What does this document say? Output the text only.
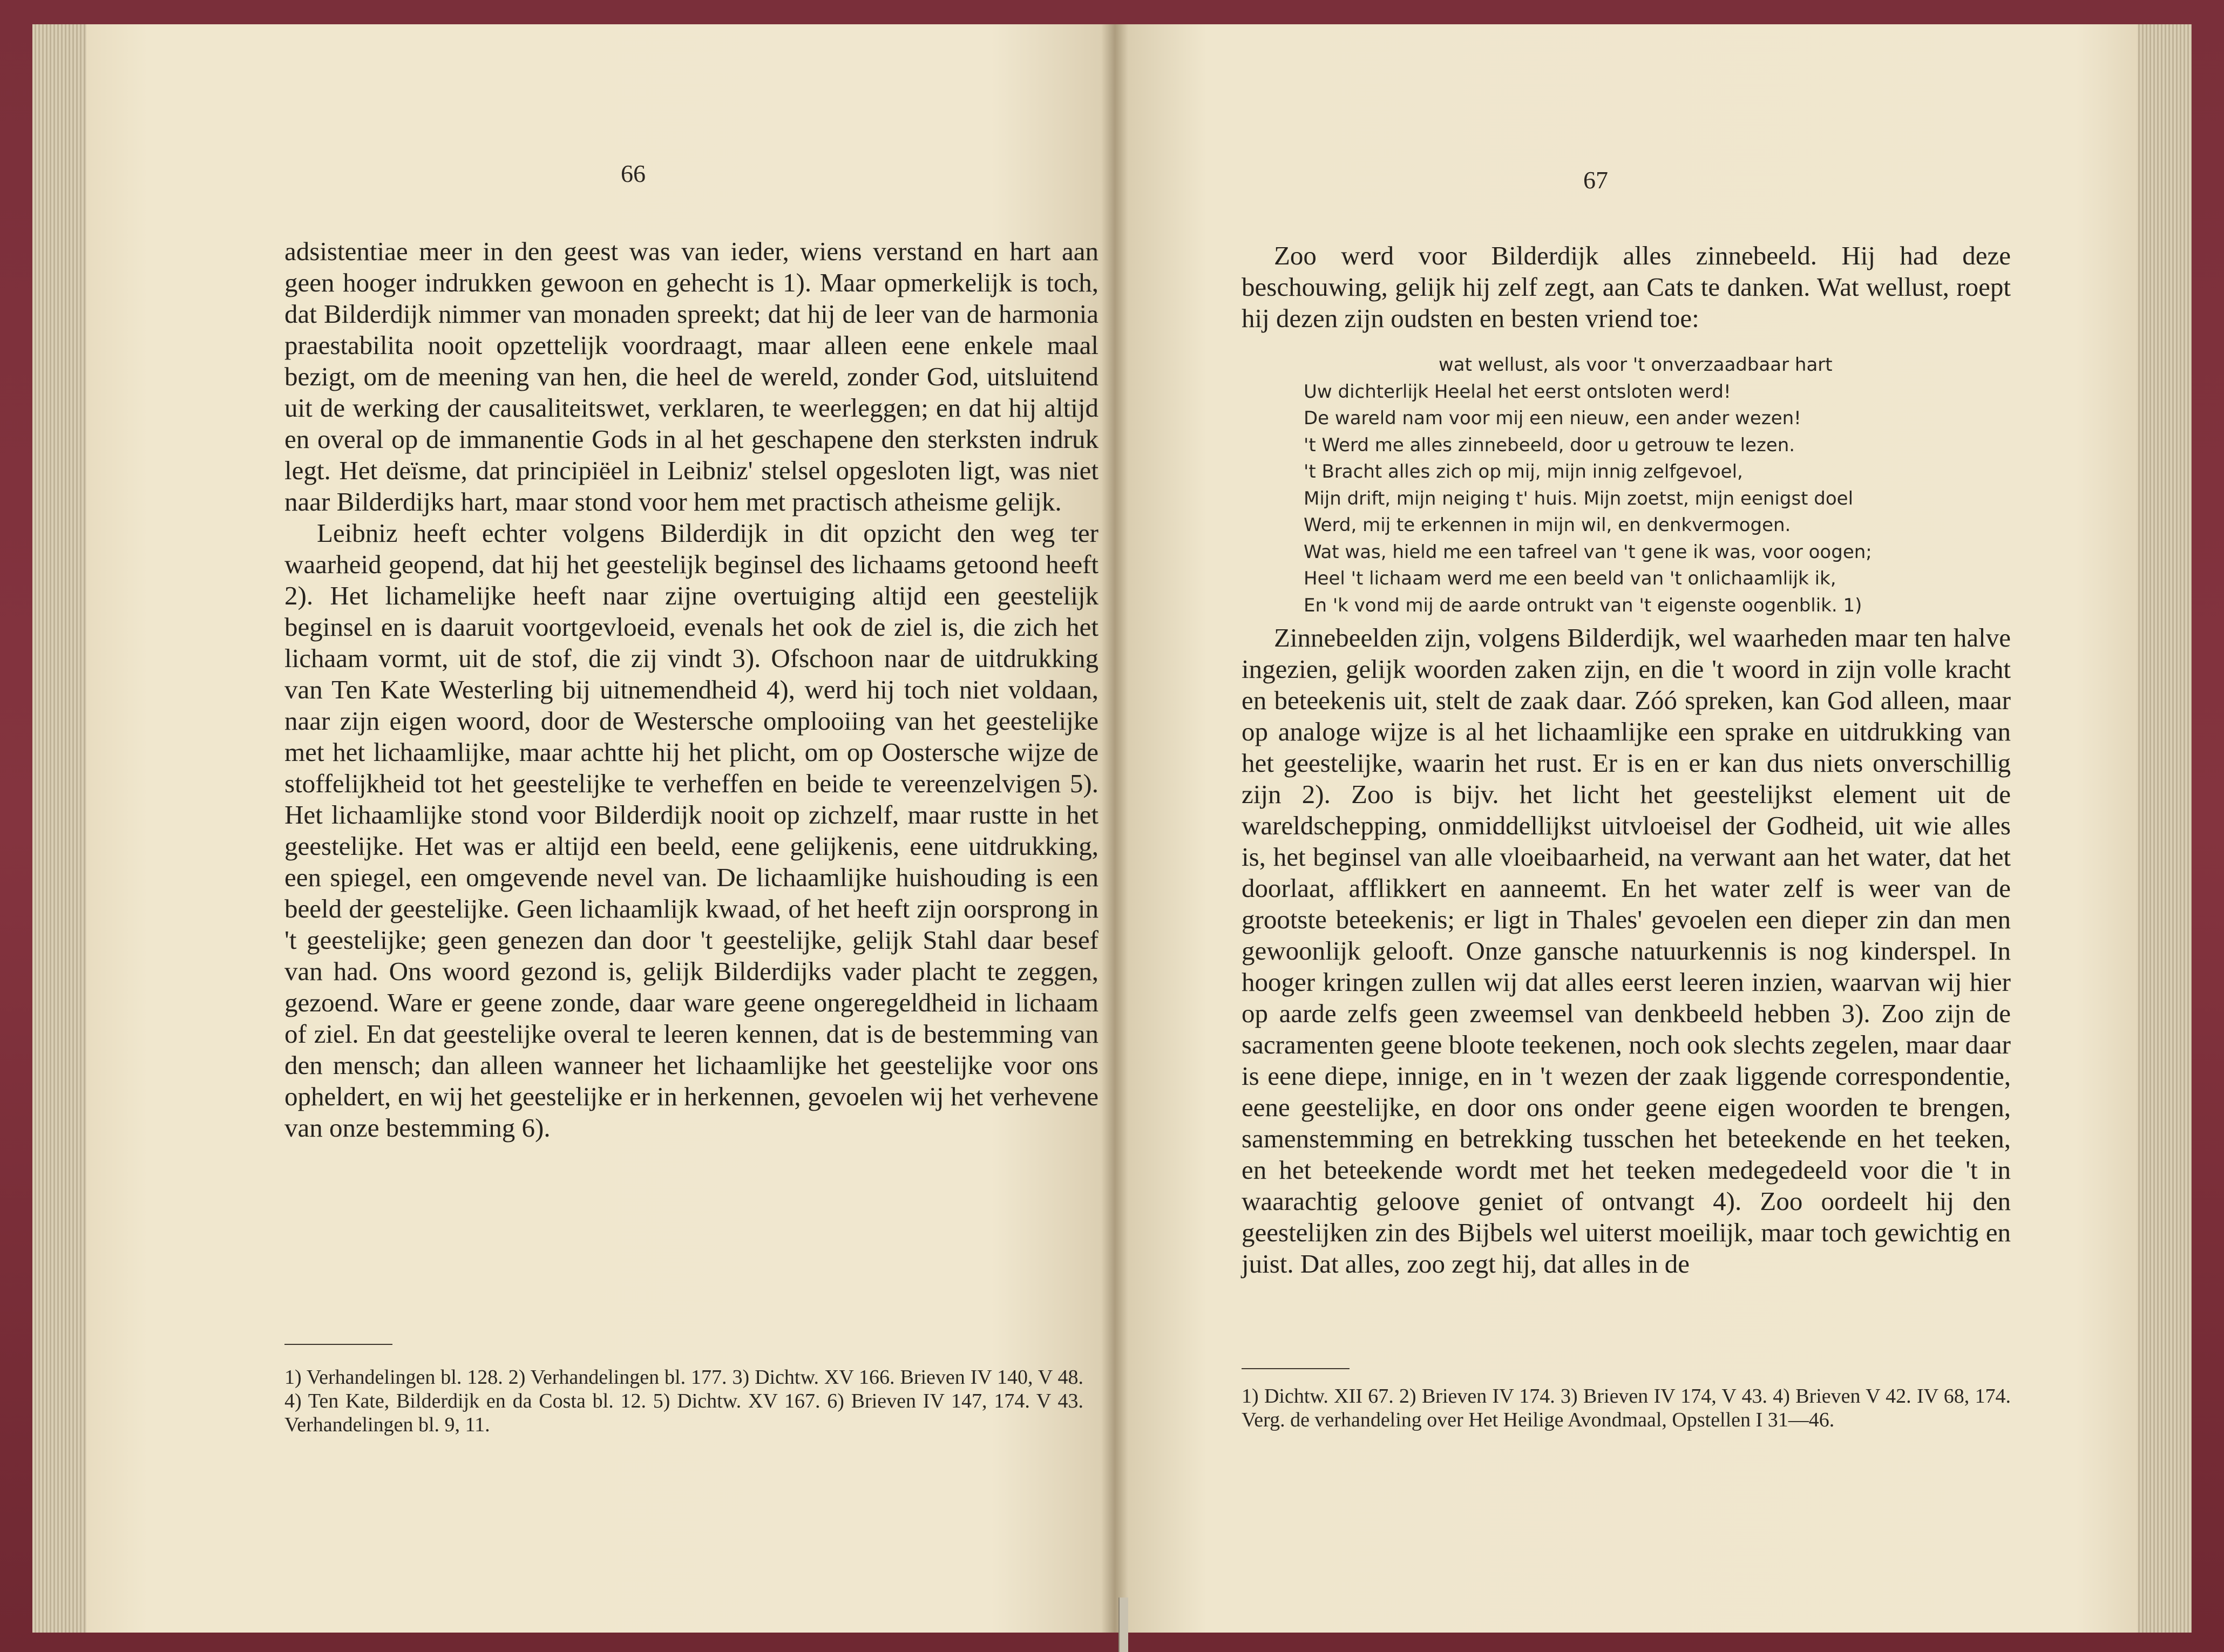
66

adsistentiae meer in den geest was van ieder, wiens verstand en hart aan geen hooger indrukken gewoon en gehecht is 1). Maar opmerkelijk is toch, dat Bilderdijk nimmer van monaden spreekt; dat hij de leer van de harmonia praestabilita nooit opzettelijk voordraagt, maar alleen eene enkele maal bezigt, om de meening van hen, die heel de wereld, zonder God, uitsluitend uit de werking der causaliteitswet, verklaren, te weerleggen; en dat hij altijd en overal op de immanentie Gods in al het geschapene den sterksten indruk legt. Het deïsme, dat principiëel in Leibniz' stelsel opgesloten ligt, was niet naar Bilderdijks hart, maar stond voor hem met practisch atheisme gelijk.

Leibniz heeft echter volgens Bilderdijk in dit opzicht den weg ter waarheid geopend, dat hij het geestelijk beginsel des lichaams getoond heeft 2). Het lichamelijke heeft naar zijne overtuiging altijd een geestelijk beginsel en is daaruit voortgevloeid, evenals het ook de ziel is, die zich het lichaam vormt, uit de stof, die zij vindt 3). Ofschoon naar de uitdrukking van Ten Kate Westerling bij uitnemendheid 4), werd hij toch niet voldaan, naar zijn eigen woord, door de Westersche omplooiing van het geestelijke met het lichaamlijke, maar achtte hij het plicht, om op Oostersche wijze de stoffelijkheid tot het geestelijke te verheffen en beide te vereenzelvigen 5). Het lichaamlijke stond voor Bilderdijk nooit op zichzelf, maar rustte in het geestelijke. Het was er altijd een beeld, eene gelijkenis, eene uitdrukking, een spiegel, een omgevende nevel van. De lichaamlijke huishouding is een beeld der geestelijke. Geen lichaamlijk kwaad, of het heeft zijn oorsprong in 't geestelijke; geen genezen dan door 't geestelijke, gelijk Stahl daar besef van had. Ons woord gezond is, gelijk Bilderdijks vader placht te zeggen, gezoend. Ware er geene zonde, daar ware geene ongeregeldheid in lichaam of ziel. En dat geestelijke overal te leeren kennen, dat is de bestemming van den mensch; dan alleen wanneer het lichaamlijke het geestelijke voor ons opheldert, en wij het geestelijke er in herkennen, gevoelen wij het verhevene van onze bestemming 6).

1) Verhandelingen bl. 128. 2) Verhandelingen bl. 177. 3) Dichtw. XV 166. Brieven IV 140, V 48. 4) Ten Kate, Bilderdijk en da Costa bl. 12. 5) Dichtw. XV 167. 6) Brieven IV 147, 174. V 43. Verhandelingen bl. 9, 11.

67

Zoo werd voor Bilderdijk alles zinnebeeld. Hij had deze beschouwing, gelijk hij zelf zegt, aan Cats te danken. Wat wellust, roept hij dezen zijn oudsten en besten vriend toe:

wat wellust, als voor 't onverzaadbaar hart
Uw dichterlijk Heelal het eerst ontsloten werd!
De wareld nam voor mij een nieuw, een ander wezen!
't Werd me alles zinnebeeld, door u getrouw te lezen.
't Bracht alles zich op mij, mijn innig zelfgevoel,
Mijn drift, mijn neiging t' huis. Mijn zoetst, mijn eenigst doel
Werd, mij te erkennen in mijn wil, en denkvermogen.
Wat was, hield me een tafreel van 't gene ik was, voor oogen;
Heel 't lichaam werd me een beeld van 't onlichaamlijk ik,
En 'k vond mij de aarde ontrukt van 't eigenste oogenblik. 1)

Zinnebeelden zijn, volgens Bilderdijk, wel waarheden maar ten halve ingezien, gelijk woorden zaken zijn, en die 't woord in zijn volle kracht en beteekenis uit, stelt de zaak daar. Zóó spreken, kan God alleen, maar op analoge wijze is al het lichaamlijke een sprake en uitdrukking van het geestelijke, waarin het rust. Er is en er kan dus niets onverschillig zijn 2). Zoo is bijv. het licht het geestelijkst element uit de wareldschepping, onmiddellijkst uitvloeisel der Godheid, uit wie alles is, het beginsel van alle vloeibaarheid, na verwant aan het water, dat het doorlaat, afflikkert en aanneemt. En het water zelf is weer van de grootste beteekenis; er ligt in Thales' gevoelen een dieper zin dan men gewoonlijk gelooft. Onze gansche natuurkennis is nog kinderspel. In hooger kringen zullen wij dat alles eerst leeren inzien, waarvan wij hier op aarde zelfs geen zweemsel van denkbeeld hebben 3). Zoo zijn de sacramenten geene bloote teekenen, noch ook slechts zegelen, maar daar is eene diepe, innige, en in 't wezen der zaak liggende correspondentie, eene geestelijke, en door ons onder geene eigen woorden te brengen, samenstemming en betrekking tusschen het beteekende en het teeken, en het beteekende wordt met het teeken medegedeeld voor die 't in waarachtig geloove geniet of ontvangt 4). Zoo oordeelt hij den geestelijken zin des Bijbels wel uiterst moeilijk, maar toch gewichtig en juist. Dat alles, zoo zegt hij, dat alles in de

1) Dichtw. XII 67. 2) Brieven IV 174. 3) Brieven IV 174, V 43. 4) Brieven V 42. IV 68, 174. Verg. de verhandeling over Het Heilige Avondmaal, Opstellen I 31—46.
